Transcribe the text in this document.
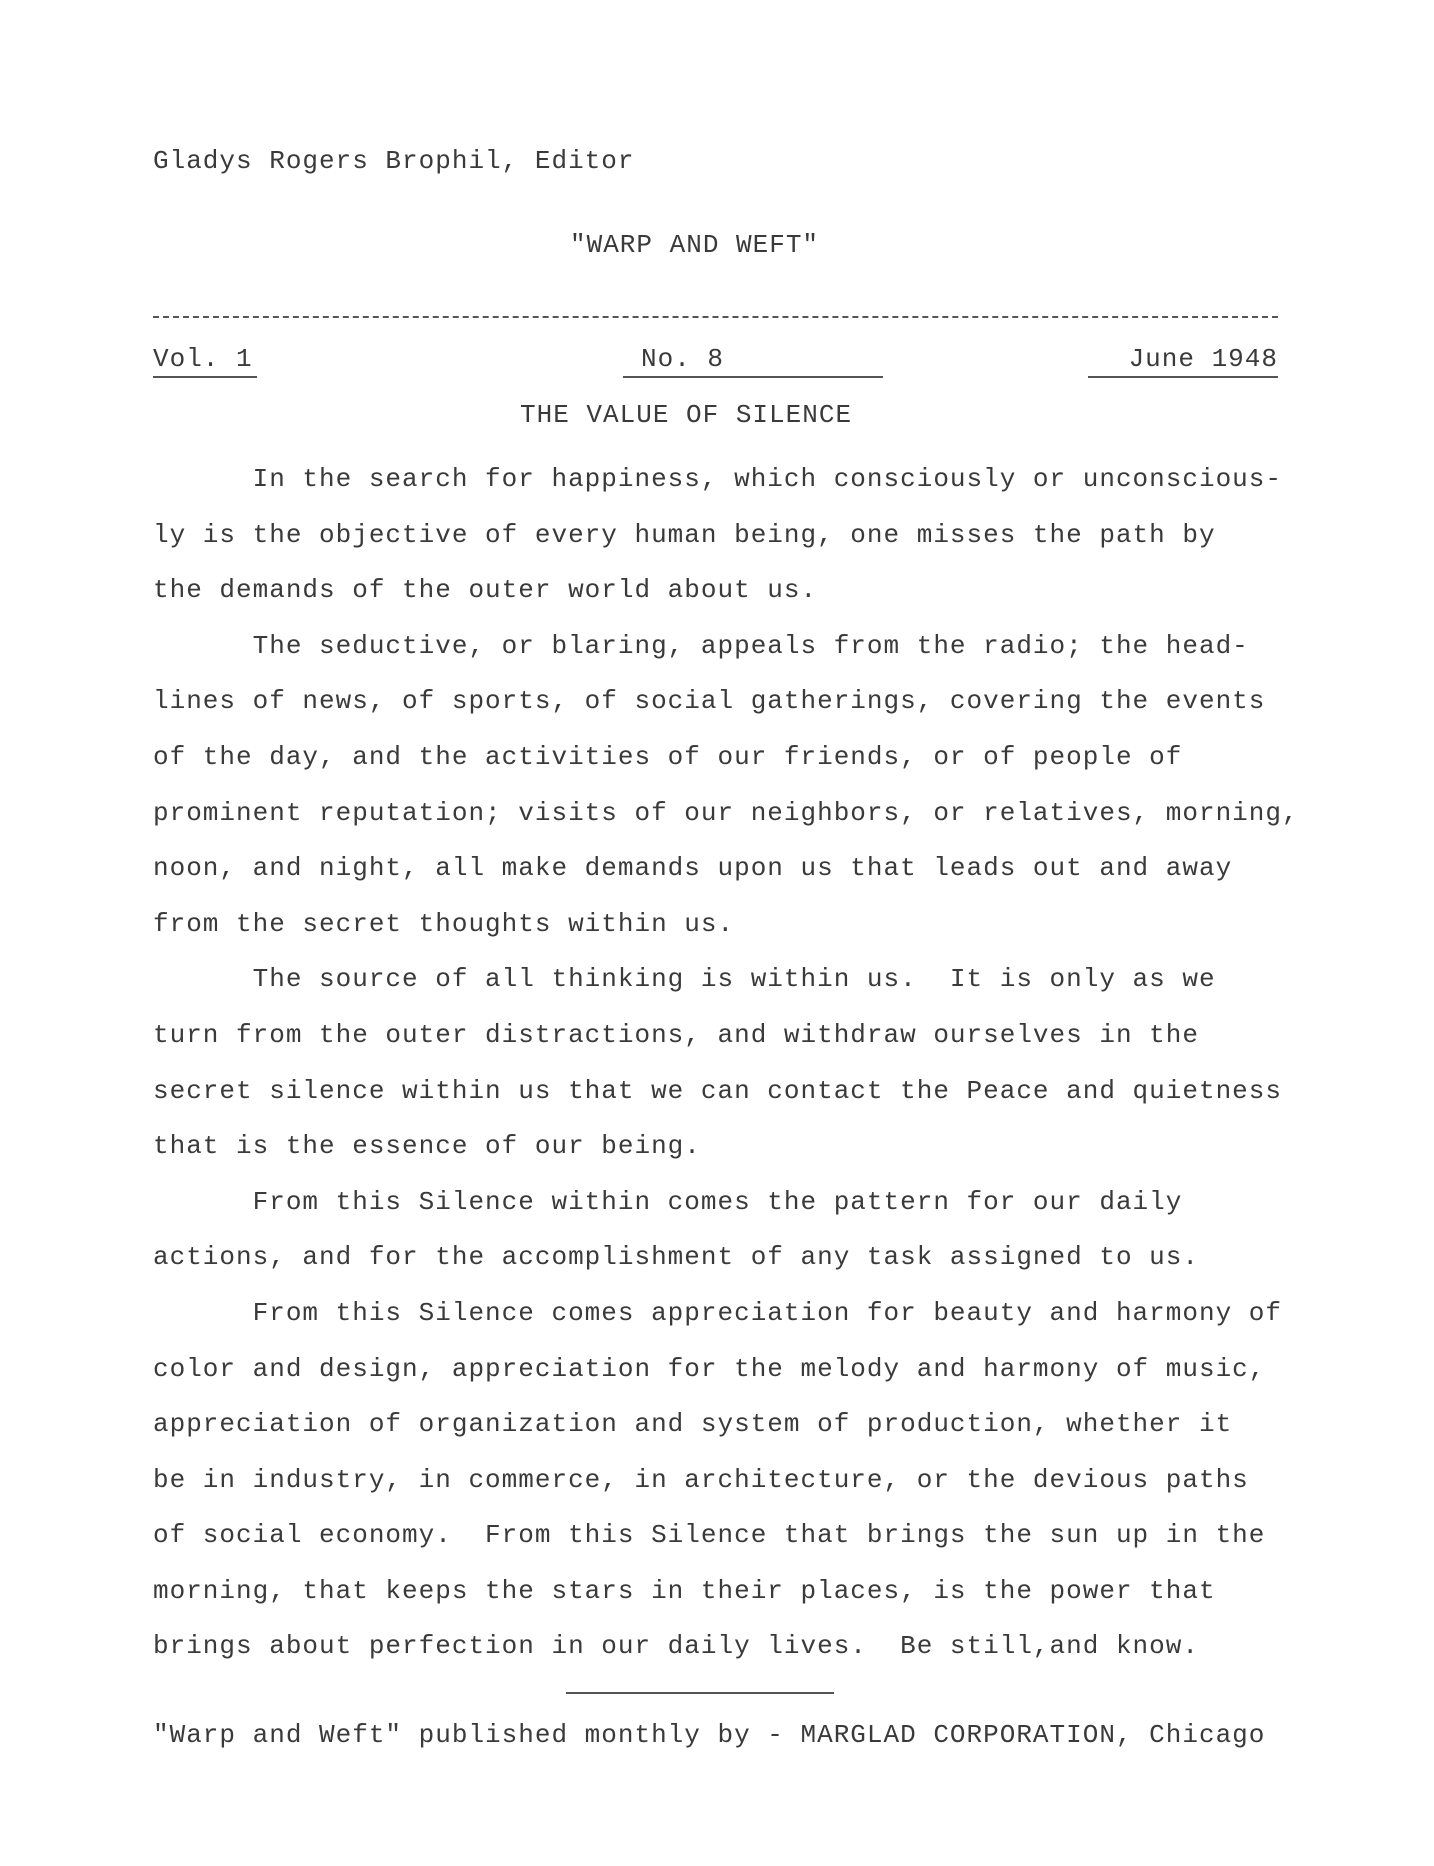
Gladys Rogers Brophil, Editor
"WARP AND WEFT"
Vol. 1	No. 8	June 1948
THE VALUE OF SILENCE
In the search for happiness, which consciously or unconscious-
ly is the objective of every human being, one misses the path by
the demands of the outer world about us.
The seductive, or blaring, appeals from the radio; the head-
lines of news, of sports, of social gatherings, covering the events
of the day, and the activities of our friends, or of people of
prominent reputation; visits of our neighbors, or relatives, morning,
noon, and night, all make demands upon us that leads out and away
from the secret thoughts within us.
The source of all thinking is within us.  It is only as we
turn from the outer distractions, and withdraw ourselves in the
secret silence within us that we can contact the Peace and quietness
that is the essence of our being.
From this Silence within comes the pattern for our daily
actions, and for the accomplishment of any task assigned to us.
From this Silence comes appreciation for beauty and harmony of
color and design, appreciation for the melody and harmony of music,
appreciation of organization and system of production, whether it
be in industry, in commerce, in architecture, or the devious paths
of social economy.  From this Silence that brings the sun up in the
morning, that keeps the stars in their places, is the power that
brings about perfection in our daily lives.  Be still,and know.
"Warp and Weft" published monthly by - MARGLAD CORPORATION, Chicago
